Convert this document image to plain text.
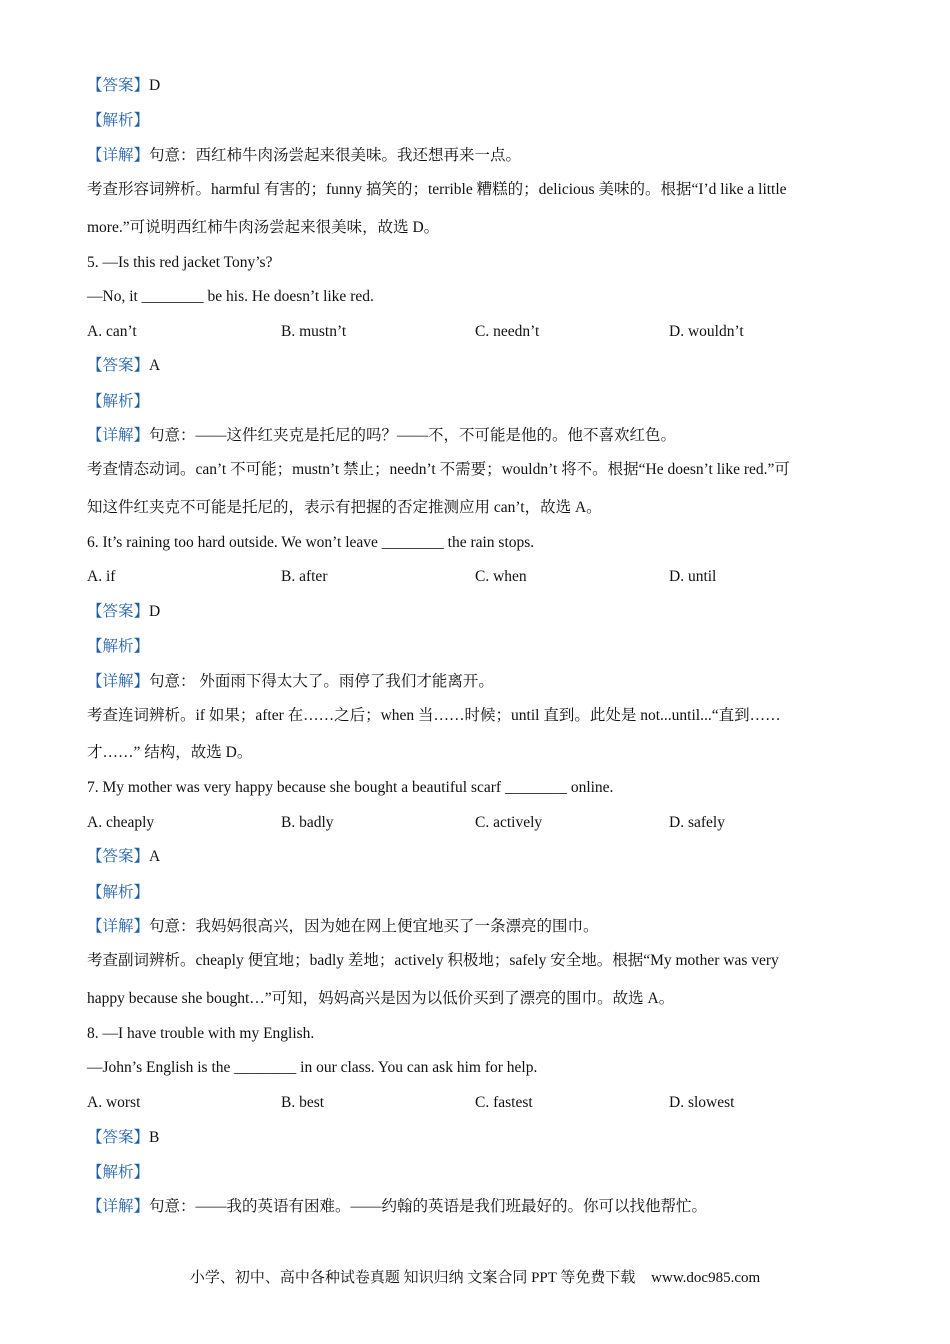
【答案】D
【解析】
【详解】句意：西红柿牛肉汤尝起来很美味。我还想再来一点。
考查形容词辨析。harmful 有害的；funny 搞笑的；terrible 糟糕的；delicious 美味的。根据“I’d like a little
more.”可说明西红柿牛肉汤尝起来很美味，故选 D。
5. —Is this red jacket Tony’s?
—No, it ________ be his. He doesn’t like red.
A. can’t	B. mustn’t	C. needn’t	D. wouldn’t
【答案】A
【解析】
【详解】句意：——这件红夹克是托尼的吗？——不，不可能是他的。他不喜欢红色。
考查情态动词。can’t 不可能；mustn’t 禁止；needn’t 不需要；wouldn’t 将不。根据“He doesn’t like red.”可
知这件红夹克不可能是托尼的，表示有把握的否定推测应用 can’t，故选 A。
6. It’s raining too hard outside. We won’t leave ________ the rain stops.
A. if	B. after	C. when	D. until
【答案】D
【解析】
【详解】句意： 外面雨下得太大了。雨停了我们才能离开。
考查连词辨析。if 如果；after 在……之后；when 当……时候；until 直到。此处是 not...until...“直到……
才……” 结构，故选 D。
7. My mother was very happy because she bought a beautiful scarf ________ online.
A. cheaply	B. badly	C. actively	D. safely
【答案】A
【解析】
【详解】句意：我妈妈很高兴，因为她在网上便宜地买了一条漂亮的围巾。
考查副词辨析。cheaply 便宜地；badly 差地；actively 积极地；safely 安全地。根据“My mother was very
happy because she bought…”可知，妈妈高兴是因为以低价买到了漂亮的围巾。故选 A。
8. —I have trouble with my English.
—John’s English is the ________ in our class. You can ask him for help.
A. worst	B. best	C. fastest	D. slowest
【答案】B
【解析】
【详解】句意：——我的英语有困难。——约翰的英语是我们班最好的。你可以找他帮忙。
小学、初中、高中各种试卷真题 知识归纳 文案合同 PPT 等免费下载 www.doc985.com
